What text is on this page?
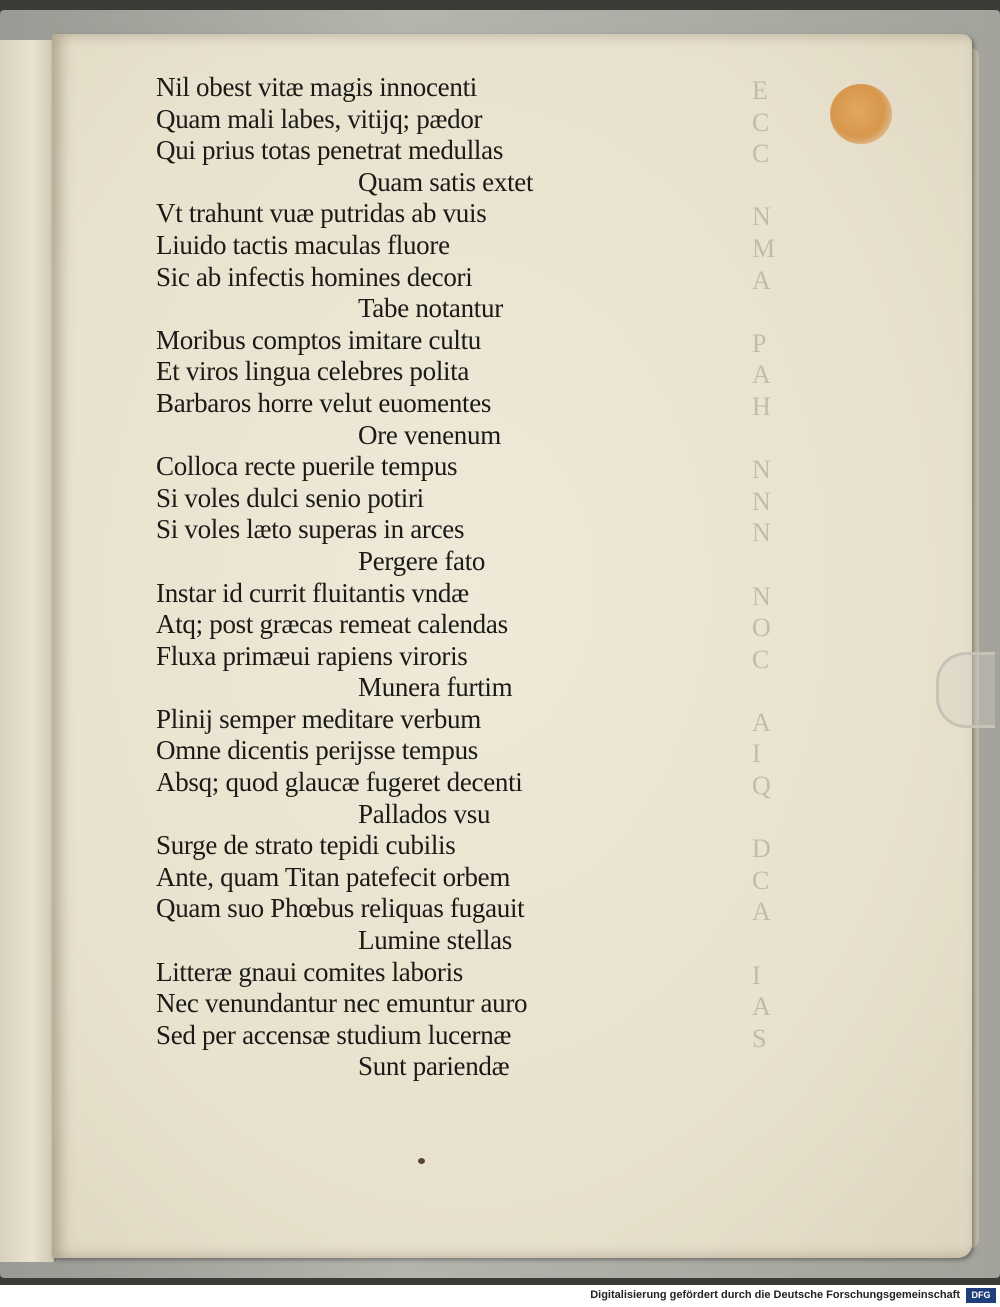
E
C
C

N
M
A

P
A
H

N
N
N

N
O
C

A
I
Q

D
C
A

I
A
S
Nil obest vitæ magis innocenti
Quam mali labes, vitijq; pædor
Qui prius totas penetrat medullas
Quam satis extet
Vt trahunt vuæ putridas ab vuis
Liuido tactis maculas fluore
Sic ab infectis homines decori
Tabe notantur
Moribus comptos imitare cultu
Et viros lingua celebres polita
Barbaros horre velut euomentes
Ore venenum
Colloca recte puerile tempus
Si voles dulci senio potiri
Si voles læto superas in arces
Pergere fato
Instar id currit fluitantis vndæ
Atq; post græcas remeat calendas
Fluxa primæui rapiens viroris
Munera furtim
Plinij semper meditare verbum
Omne dicentis perijsse tempus
Absq; quod glaucæ fugeret decenti
Pallados vsu
Surge de strato tepidi cubilis
Ante, quam Titan patefecit orbem
Quam suo Phœbus reliquas fugauit
Lumine stellas
Litteræ gnaui comites laboris
Nec venundantur nec emuntur auro
Sed per accensæ studium lucernæ
Sunt pariendæ
Digitalisierung gefördert durch die Deutsche Forschungsgemeinschaft	DFG
